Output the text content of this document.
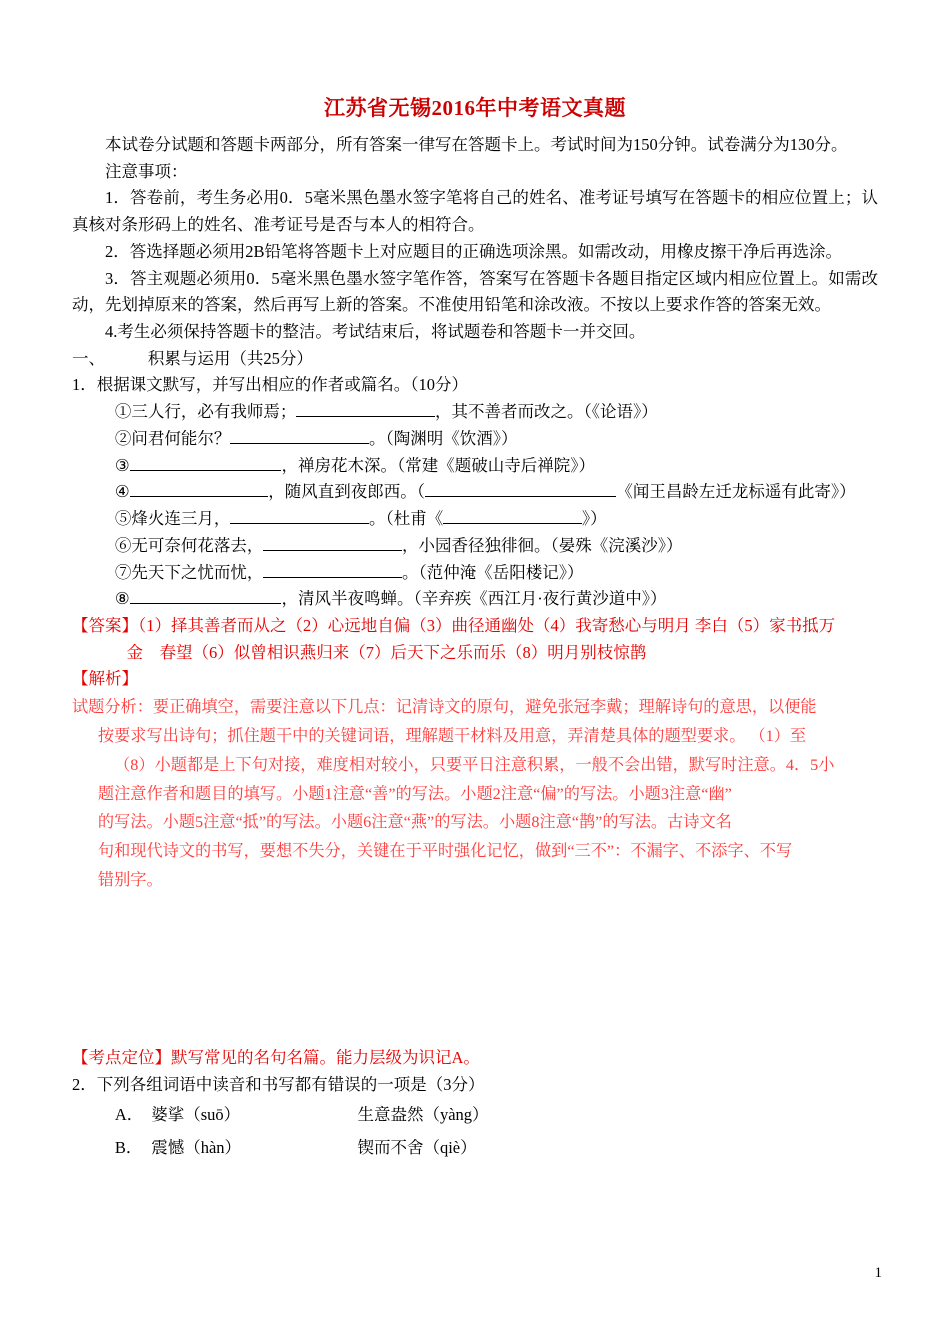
江苏省无锡2016年中考语文真题

本试卷分试题和答题卡两部分，所有答案一律写在答题卡上。考试时间为150分钟。试卷满分为130分。

注意事项：

1．答卷前，考生务必用0．5毫米黑色墨水签字笔将自己的姓名、准考证号填写在答题卡的相应位置上；认真核对条形码上的姓名、准考证号是否与本人的相符合。

2．答选择题必须用2B铅笔将答题卡上对应题目的正确选项涂黑。如需改动，用橡皮擦干净后再选涂。

3．答主观题必须用0．5毫米黑色墨水签字笔作答，答案写在答题卡各题目指定区域内相应位置上。如需改动，先划掉原来的答案，然后再写上新的答案。不准使用铅笔和涂改液。不按以上要求作答的答案无效。

4.考生必须保持答题卡的整洁。考试结束后，将试题卷和答题卡一并交回。

一、	积累与运用（共25分）

1．根据课文默写，并写出相应的作者或篇名。（10分）

①三人行，必有我师焉；	，其不善者而改之。（《论语》）

②问君何能尔？	。（陶渊明《饮酒》）

③	，禅房花木深。（常建《题破山寺后禅院》）

④	，随风直到夜郎西。（	《闻王昌龄左迁龙标遥有此寄》）

⑤烽火连三月，	。（杜甫《	》）

⑥无可奈何花落去，	，小园香径独徘徊。（晏殊《浣溪沙》）

⑦先天下之忧而忧，	。（范仲淹《岳阳楼记》）

⑧	，清风半夜鸣蝉。（辛弃疾《西江月·夜行黄沙道中》）

【答案】（1）择其善者而从之（2）心远地自偏（3）曲径通幽处（4）我寄愁心与明月 李白（5）家书抵万

金　春望（6）似曾相识燕归来（7）后天下之乐而乐（8）明月别枝惊鹊

【解析】

试题分析：要正确填空，需要注意以下几点：记清诗文的原句，避免张冠李戴；理解诗句的意思，以便能
按要求写出诗句；抓住题干中的关键词语，理解题干材料及用意，弄清楚具体的题型要求。 （1）至
（8）小题都是上下句对接，难度相对较小，只要平日注意积累，一般不会出错，默写时注意。4．5小
题注意作者和题目的填写。小题1注意“善”的写法。小题2注意“偏”的写法。小题3注意“幽”
的写法。小题5注意“抵”的写法。小题6注意“燕”的写法。小题8注意“鹊”的写法。古诗文名
句和现代诗文的书写，要想不失分，关键在于平时强化记忆，做到“三不”：不漏字、不添字、不写
错别字。

【考点定位】默写常见的名句名篇。能力层级为识记A。

2．下列各组词语中读音和书写都有错误的一项是（3分）

A． 婆挲（suō）	生意盎然（yàng）
B． 震憾（hàn）	锲而不舍（qiè）
1
